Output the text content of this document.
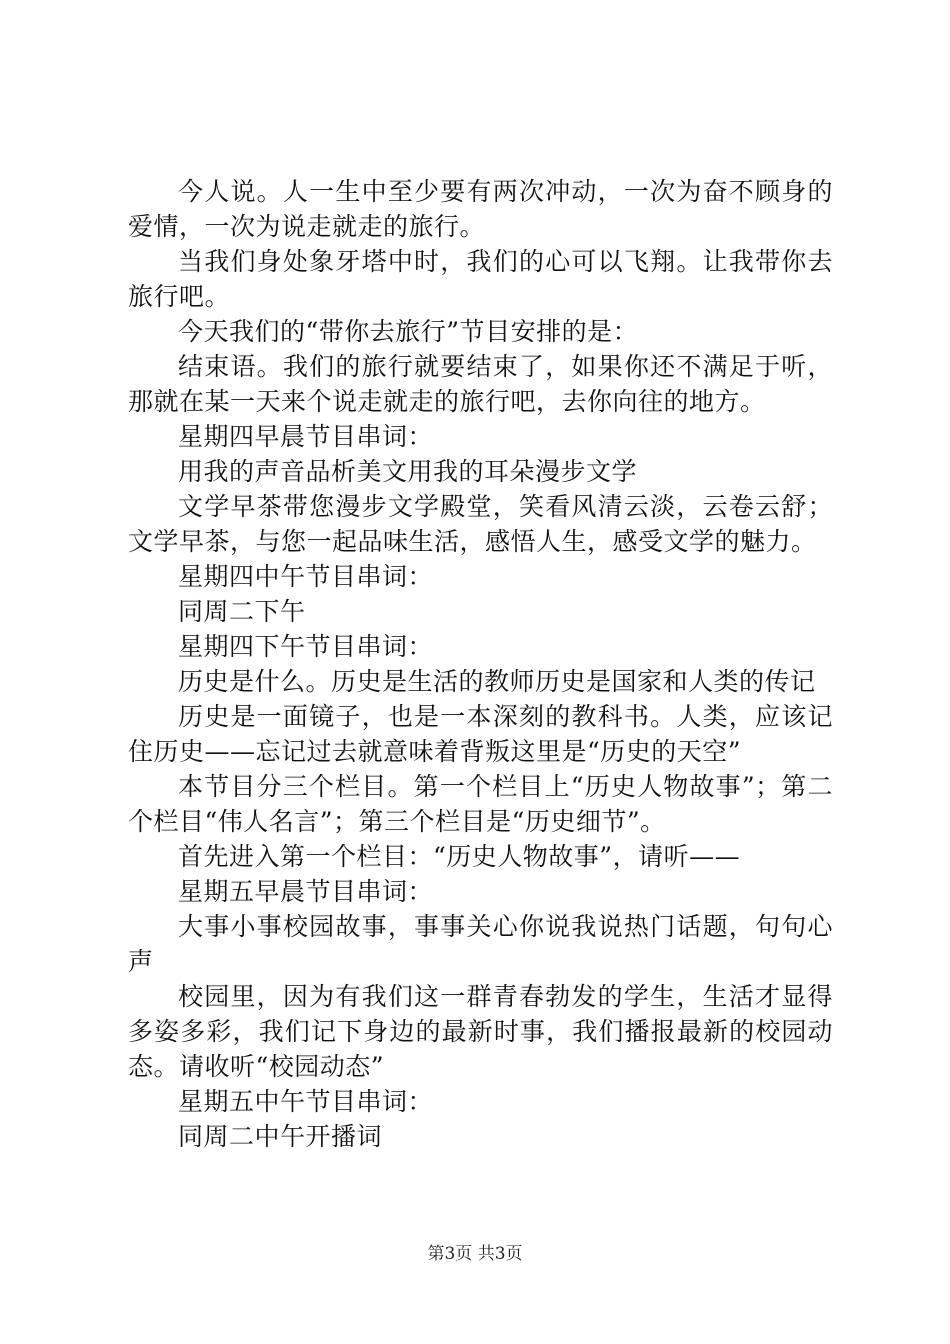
今人说。人一生中至少要有两次冲动，一次为奋不顾身的爱情，一次为说走就走的旅行。

当我们身处象牙塔中时，我们的心可以飞翔。让我带你去旅行吧。

今天我们的“带你去旅行”节目安排的是：

结束语。我们的旅行就要结束了，如果你还不满足于听，那就在某一天来个说走就走的旅行吧，去你向往的地方。

星期四早晨节目串词：

用我的声音品析美文用我的耳朵漫步文学

文学早茶带您漫步文学殿堂，笑看风清云淡，云卷云舒；文学早茶，与您一起品味生活，感悟人生，感受文学的魅力。

星期四中午节目串词：

同周二下午

星期四下午节目串词：

历史是什么。历史是生活的教师历史是国家和人类的传记

历史是一面镜子，也是一本深刻的教科书。人类，应该记住历史——忘记过去就意味着背叛这里是“历史的天空”

本节目分三个栏目。第一个栏目上“历史人物故事”；第二个栏目“伟人名言”；第三个栏目是“历史细节”。

首先进入第一个栏目：“历史人物故事”，请听——

星期五早晨节目串词：

大事小事校园故事，事事关心你说我说热门话题，句句心声

校园里，因为有我们这一群青春勃发的学生，生活才显得多姿多彩，我们记下身边的最新时事，我们播报最新的校园动态。请收听“校园动态”

星期五中午节目串词：

同周二中午开播词

第3页 共3页
